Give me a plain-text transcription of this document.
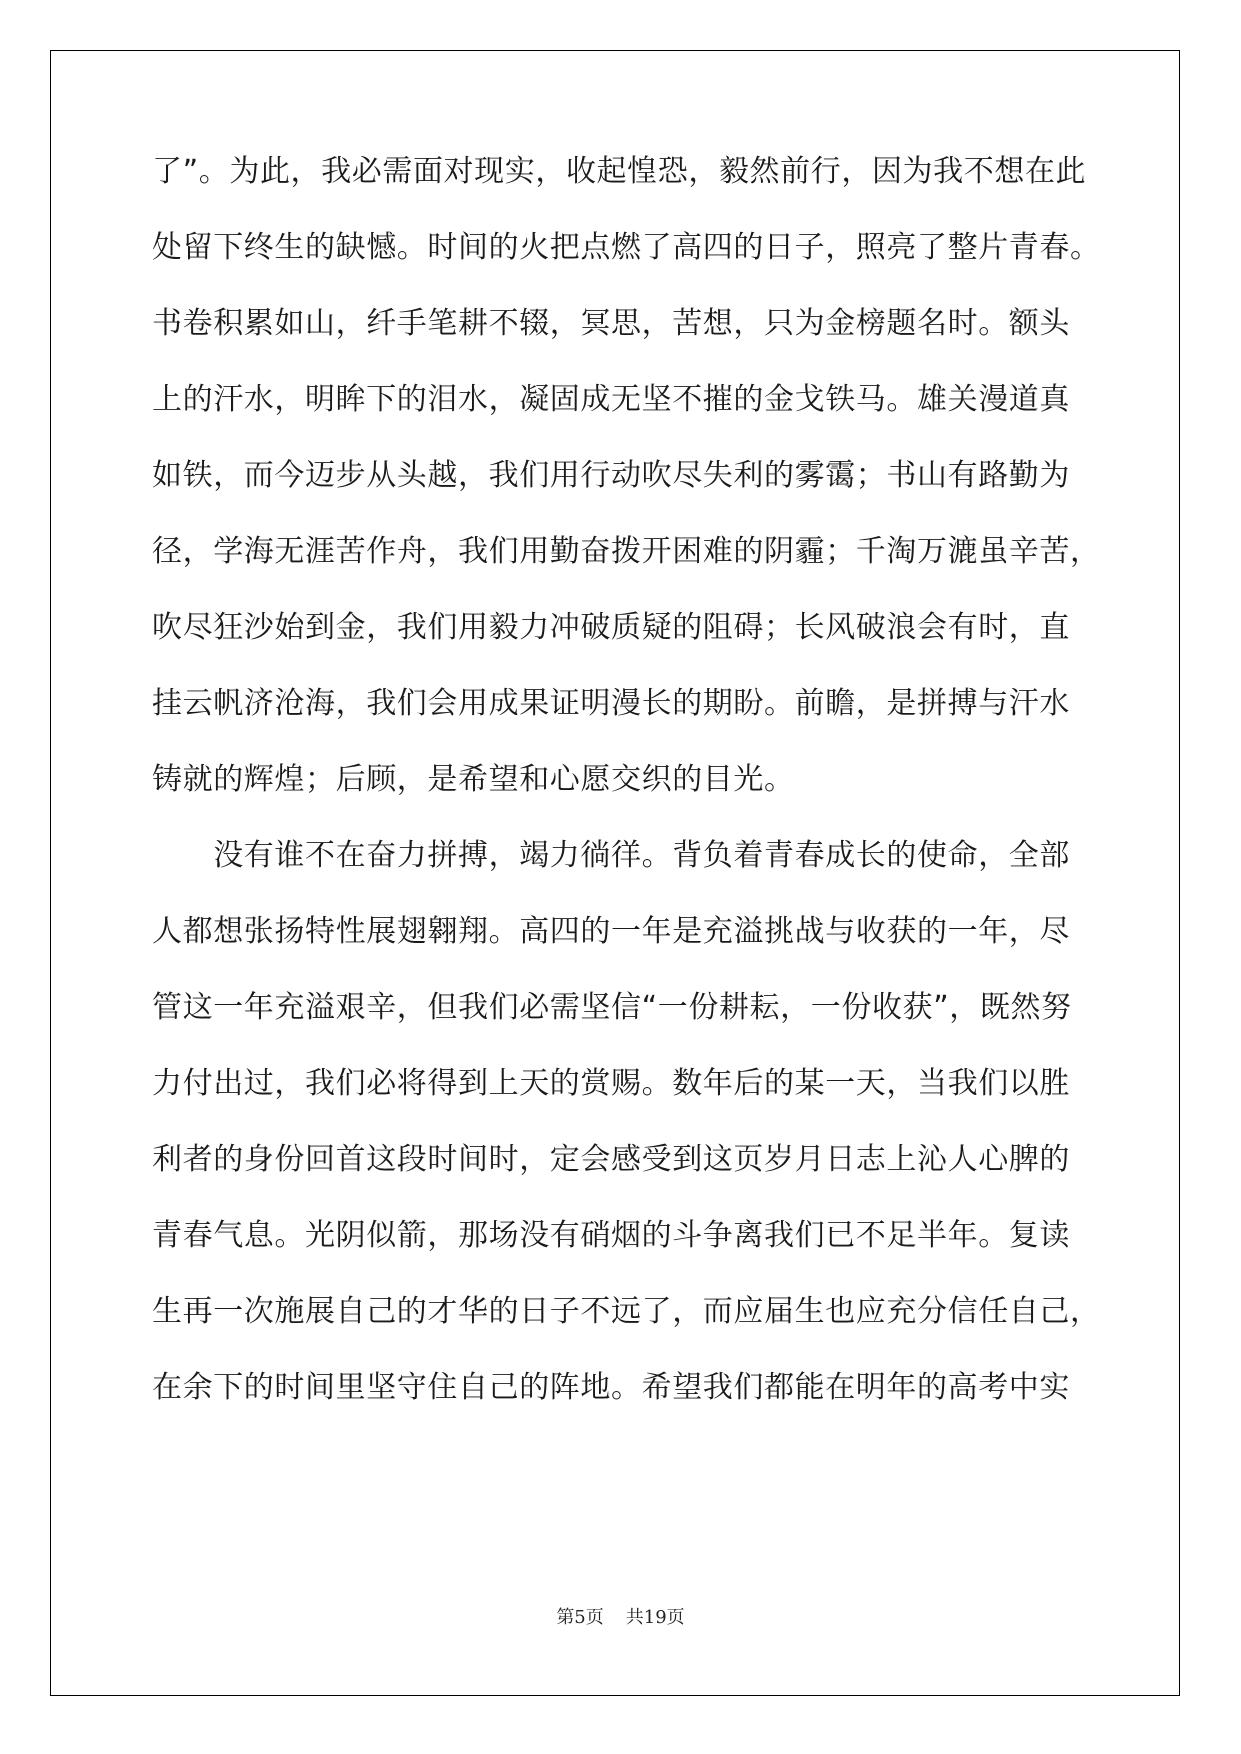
了”。为此，我必需面对现实，收起惶恐，毅然前行，因为我不想在此
处留下终生的缺憾。时间的火把点燃了高四的日子，照亮了整片青春。
书卷积累如山，纤手笔耕不辍，冥思，苦想，只为金榜题名时。额头
上的汗水，明眸下的泪水，凝固成无坚不摧的金戈铁马。雄关漫道真
如铁，而今迈步从头越，我们用行动吹尽失利的雾霭；书山有路勤为
径，学海无涯苦作舟，我们用勤奋拨开困难的阴霾；千淘万漉虽辛苦，
吹尽狂沙始到金，我们用毅力冲破质疑的阻碍；长风破浪会有时，直
挂云帆济沧海，我们会用成果证明漫长的期盼。前瞻，是拼搏与汗水
铸就的辉煌；后顾，是希望和心愿交织的目光。
　　没有谁不在奋力拼搏，竭力徜徉。背负着青春成长的使命，全部
人都想张扬特性展翅翱翔。高四的一年是充溢挑战与收获的一年，尽
管这一年充溢艰辛，但我们必需坚信“一份耕耘，一份收获”，既然努
力付出过，我们必将得到上天的赏赐。数年后的某一天，当我们以胜
利者的身份回首这段时间时，定会感受到这页岁月日志上沁人心脾的
青春气息。光阴似箭，那场没有硝烟的斗争离我们已不足半年。复读
生再一次施展自己的才华的日子不远了，而应届生也应充分信任自己，
在余下的时间里坚守住自己的阵地。希望我们都能在明年的高考中实
第5页 共19页
